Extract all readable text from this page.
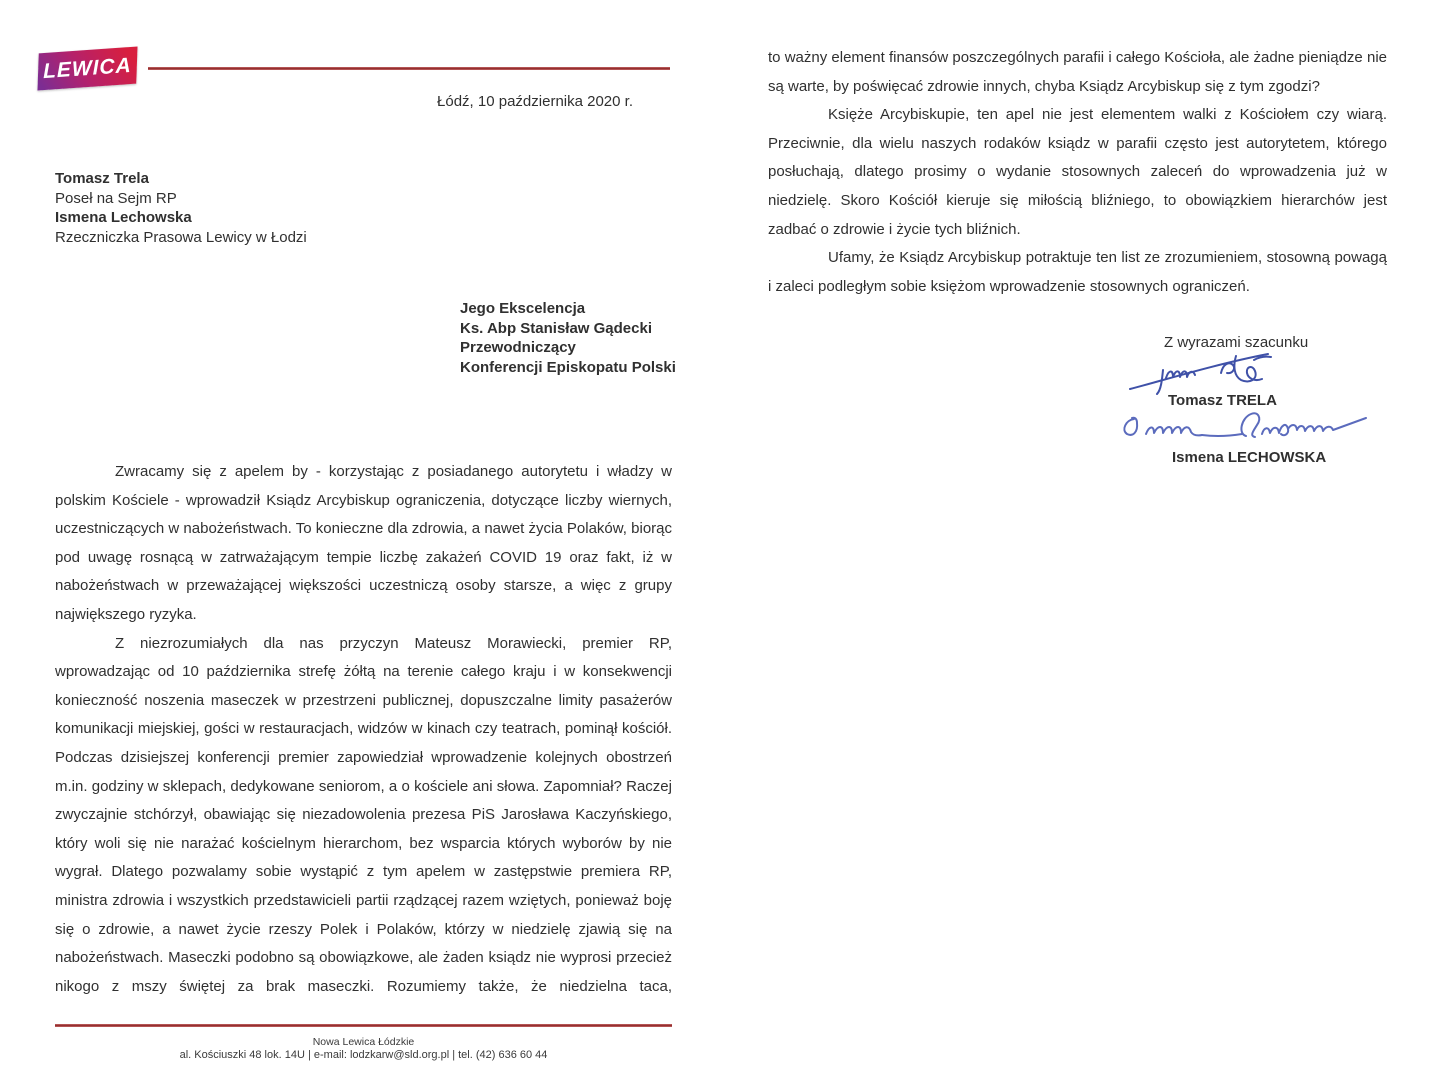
LEWICA
Łódź, 10 października 2020 r.
Tomasz Trela
Poseł na Sejm RP
Ismena Lechowska
Rzeczniczka Prasowa Lewicy w Łodzi
Jego Ekscelencja
Ks. Abp Stanisław Gądecki
Przewodniczący
Konferencji Episkopatu Polski

Zwracamy się z apelem by - korzystając z posiadanego autorytetu i władzy w polskim Kościele - wprowadził Ksiądz Arcybiskup ograniczenia, dotyczące liczby wiernych, uczestniczących w nabożeństwach. To konieczne dla zdrowia, a nawet życia Polaków, biorąc pod uwagę rosnącą w zatrważającym tempie liczbę zakażeń COVID 19 oraz fakt, iż w nabożeństwach w przeważającej większości uczestniczą osoby starsze, a więc z grupy największego ryzyka.

Z niezrozumiałych dla nas przyczyn Mateusz Morawiecki, premier RP, wprowadzając od 10 października strefę żółtą na terenie całego kraju i w konsekwencji konieczność noszenia maseczek w przestrzeni publicznej, dopuszczalne limity pasażerów komunikacji miejskiej, gości w restauracjach, widzów w kinach czy teatrach, pominął kościół. Podczas dzisiejszej konferencji premier zapowiedział wprowadzenie kolejnych obostrzeń m.in. godziny w sklepach, dedykowane seniorom, a o kościele ani słowa. Zapomniał? Raczej zwyczajnie stchórzył, obawiając się niezadowolenia prezesa PiS Jarosława Kaczyńskiego, który woli się nie narażać kościelnym hierarchom, bez wsparcia których wyborów by nie wygrał. Dlatego pozwalamy sobie wystąpić z tym apelem w zastępstwie premiera RP, ministra zdrowia i wszystkich przedstawicieli partii rządzącej razem wziętych, ponieważ boję się o zdrowie, a nawet życie rzeszy Polek i Polaków, którzy w niedzielę zjawią się na nabożeństwach. Maseczki podobno są obowiązkowe, ale żaden ksiądz nie wyprosi przecież nikogo z mszy świętej za brak maseczki. Rozumiemy także, że niedzielna taca,

Nowa Lewica Łódzkie
al. Kościuszki 48 lok. 14U | e-mail: lodzkarw@sld.org.pl | tel. (42) 636 60 44

to ważny element finansów poszczególnych parafii i całego Kościoła, ale żadne pieniądze nie są warte, by poświęcać zdrowie innych, chyba Ksiądz Arcybiskup się z tym zgodzi?

Księże Arcybiskupie, ten apel nie jest elementem walki z Kościołem czy wiarą. Przeciwnie, dla wielu naszych rodaków ksiądz w parafii często jest autorytetem, którego posłuchają, dlatego prosimy o wydanie stosownych zaleceń do wprowadzenia już w niedzielę. Skoro Kościół kieruje się miłością bliźniego, to obowiązkiem hierarchów jest zadbać o zdrowie i życie tych bliźnich.

Ufamy, że Ksiądz Arcybiskup potraktuje ten list ze zrozumieniem, stosowną powagą i zaleci podległym sobie księżom wprowadzenie stosownych ograniczeń.

Z wyrazami szacunku
Tomasz TRELA
Ismena LECHOWSKA
